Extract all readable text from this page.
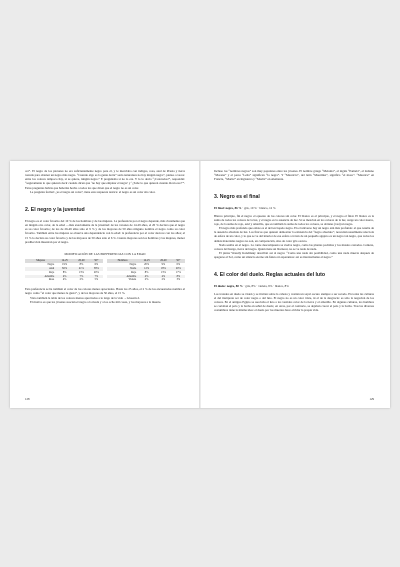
cer”. El negro de los plotones no era suficientemente negro para él, y le mezclaba con índigos, rosa, azul de Prusia y tierra tostada para obtener un negro más negro. “Cuando algo es la gente decía” sería naturaleza no hay ningún negro”, pienso a veces: entre los colores tampoco hay, si se quiere, ningún negro.” E preguntaba si no lo era. Y lo lo decía “¡Colorados!”, respondió: “seguramente lo que quieren decir cuando dicen que ‘no hay que emplear el negro’ y ‘¿Sabe lo que quieren cuando dicen eso?’”. Estas preguntas habría que haberlas hecho a todos los que dicen que el negro no es un color.

Le pregunta formal: ¿es el negro un color?, tiene esta respuesta teórica: el negro es un color sin color.

2. El negro y la juventud

El negro es el color favorito del 10 % de los hombres y de las mujeres. La preferencia por el negro depende, más claramente que en ningún otro color, de la edad —más exactamente de la juventud: de los varones de 14-29 años, el 20 % declara que el negro es su color favorito; de los de 26-49 años sólo el 9 % y de los mayores de 50 años ninguno nombra el negro como su color favorito. También entre las mujeres se observa una dependencia con la edad: la preferencia por el color decrece con los años; el 15 % lo declara su color favorito y de las mayores de 50 años sólo el 6 %. Cuanto mayores son los hombres y las mujeres, menor predilección muestran por el negro.

MODIFICACIÓN DE LAS PREFERENCIAS CON LA EDAD
Mujeres	14-25	26-49	50+		Hombres	14-25	26-49	50+
Negro	19%	8%	6%		Negro	20%	9%	0%
Azul	82%	41%	38%		Verde	12%	18%	20%
Rojo	8%	13%	20%		Rojo	8%	13%	17%
Amarillo	4%	7%	7%		Amarillo	4%	4%	8%
Rosa	4%	2%	5%		Violeta	2%	2%	3%

Esta preferencia se ha también el color de los colores menos apreciados. Hasta los 25 años, el 2 % de los encuestados nombra el negro como “el color que menos le gusta”, y de los mayores de 50 años, el 15 %.

Visto también la tabla de los colores menos apreciados a lo largo de la vida →Glosario I.

El motivo es que los jóvenes asocian el negro a la moda y a los ocho mil cosas, y los mayores a la muerte.

128

Incluso los “nombres negros” son muy populares entre los jóvenes. El nombre griego “Melania”, el inglés “Pamela”, el italiano “Morena” y el persa “Leila” significan “la negra”. Y “Mauricio”, del latín “Maurítius”, significa “el moro”. “Maurice” en Francia, “Moritz” en Inglaterra y “Moritz” en Alemania.

3. Negro es el final

El final: negro, 86 % · gris, 10 % · blanco, 12 %

Blanco principio, fin el negro: el opuesto de los colores sin color. El blanco es el principio, y el negro el final. El blanco es la suma de todos los colores de la luz, y el negro es la ausencia de luz. Si se mezclan en los colores de la luz, surge un color nuevo, rojo, de la suma de rojo, azul y amarillo, que es también la suma de todos los colores, se obtiene (casi) un negro.

El negro más profundo que existe es el del terciopelo negro. En el universo hay un negro aún más profundo: el que resulta de la ausencia absoluta de luz. Los físicos que quieren demostrar la existencia del “negro absoluto”, necesitan usualmente una bola de esfera de un color, y lo que se ve del interior de esa esfera a través de un pequeño agujero es un negro tan negro, que todos los demás materiales negros no son, en comparación, sino de color gris oscuro.

Nada sealba en el negro. La carne descompuesta se vuelve negra, como las plantas podridas y los muslos castados. Cenizas, colores del hongo, tierra del negro. Quien tiene un blackout, no se ve nada de nada.

El pintor Wassily Kandinsky describió así al negro: “Como una nada sin posibilidad, como una nada muerta después de apagarse el Sol, como un silencio eterno sin futuro ni esperanzas: así es interiormente el negro.”

4. El color del duelo. Reglas actuales del luto

El duelo: negro, 80 % · gris, 8% · violeta, 9% · blanco, 8%

Los tratados en duelo se visten y se invitan sobre la cabeza y vestían un sayal oscuro siempre a ser sacado. En todas las culturas el del intérprete ser de color negro o del luto. El negro no es un color triste, ni el de la desgracia: es sólo la negación de los colores. En el antiguo Egipto se asociaba el luto a los vestidos color de la tierra y el amarillo. En algunas culturas, los hombres se cortaban el pelo y la barba en señal de duelo; en otras, por el contrario, se dejaban crecer el pelo y la barba. Tras las diversas costumbres tiene la misma idea: el duelo por los muertos hace olvidar la propia vida.

129
